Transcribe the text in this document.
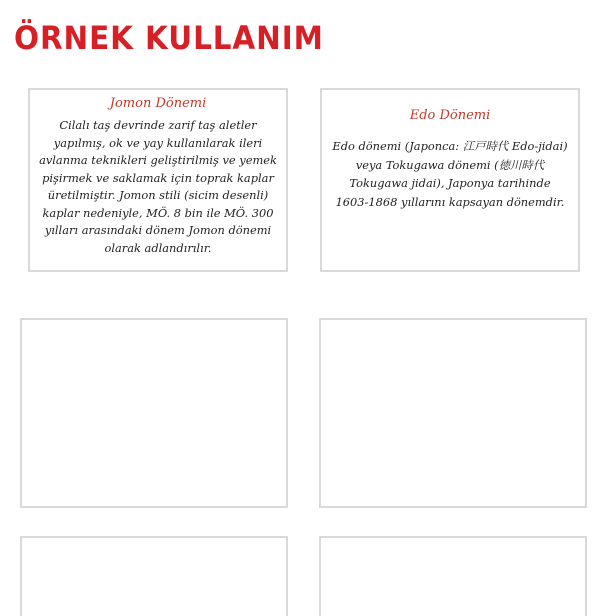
ÖRNEK KULLANIM

Jomon Dönemi

Cilalı taş devrinde zarif taş aletler yapılmış, ok ve yay kullanılarak ileri avlanma teknikleri geliştirilmiş ve yemek pişirmek ve saklamak için toprak kaplar üretilmiştir. Jomon stili (sicim desenli) kaplar nedeniyle, MÖ. 8 bin ile MÖ. 300 yılları arasındaki dönem Jomon dönemi olarak adlandırılır.

Edo Dönemi

Edo dönemi (Japonca: 江戸時代 Edo-jidai) veya Tokugawa dönemi (徳川時代 Tokugawa jidai), Japonya tarihinde 1603-1868 yıllarını kapsayan dönemdir.
